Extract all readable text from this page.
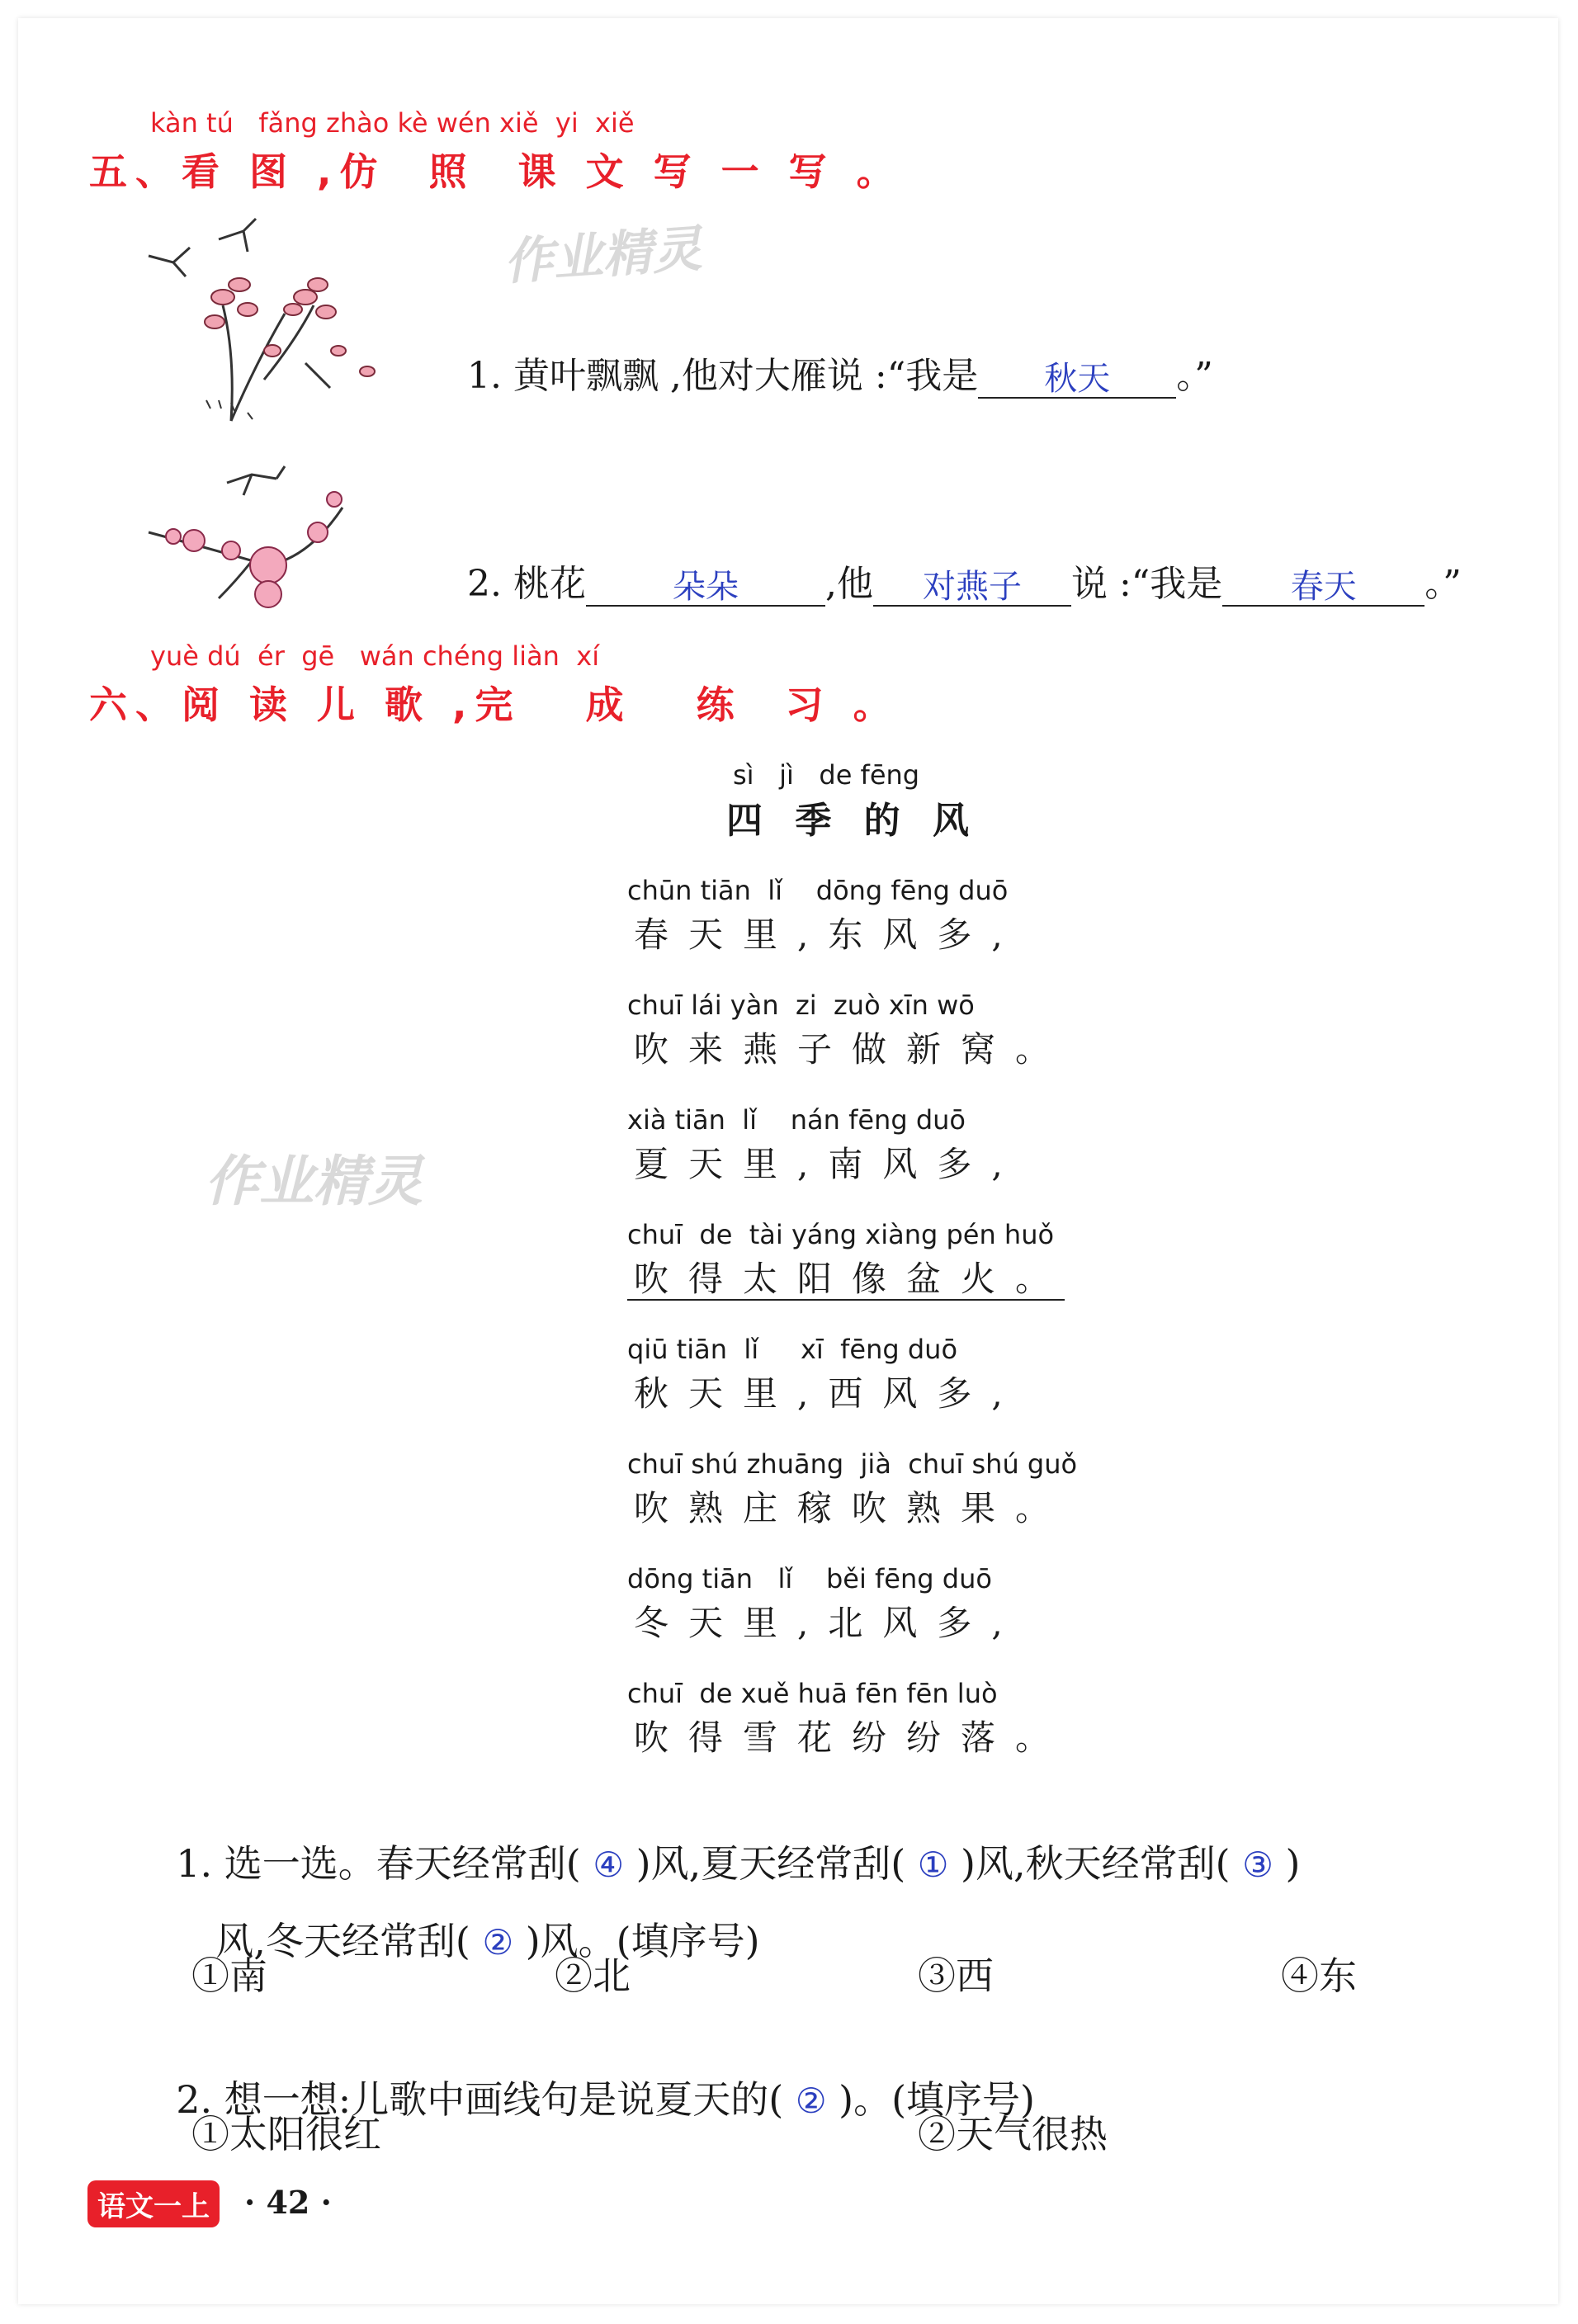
kàn tú   fǎng zhào kè wén xiě  yi  xiě
五、看 图 ,仿  照  课 文 写 一 写 。
作业精灵

1. 黄叶飘飘 ,他对大雁说 :“我是 秋天 。”

2. 桃花	朵朵 ,他 对燕子 说 :“我是 春天 。”

yuè dú  ér  gē   wán chéng liàn  xí
六、阅 读 儿 歌 ,完   成   练  习 。
sì   jì   de fēng
四 季 的 风
作业精灵
chūn tiān  lǐ    dōng fēng duō
春天里,东风多,
chuī lái yàn  zi  zuò xīn wō
吹来燕子做新窝。
xià tiān  lǐ    nán fēng duō
夏天里,南风多,
chuī  de  tài yáng xiàng pén huǒ
吹得太阳像盆火。
qiū tiān  lǐ     xī  fēng duō
秋天里,西风多,
chuī shú zhuāng  jià  chuī shú guǒ
吹熟庄稼吹熟果。
dōng tiān   lǐ    běi fēng duō
冬天里,北风多,
chuī  de xuě huā fēn fēn luò
吹得雪花纷纷落。

1. 选一选。春天经常刮( ④ )风,夏天经常刮( ① )风,秋天经常刮( ③ )

风,冬天经常刮( ② )风。(填序号)

①南	②北	③西	④东

2. 想一想:儿歌中画线句是说夏天的( ② )。(填序号)

①太阳很红	②天气很热
语文一上	· 42 ·
